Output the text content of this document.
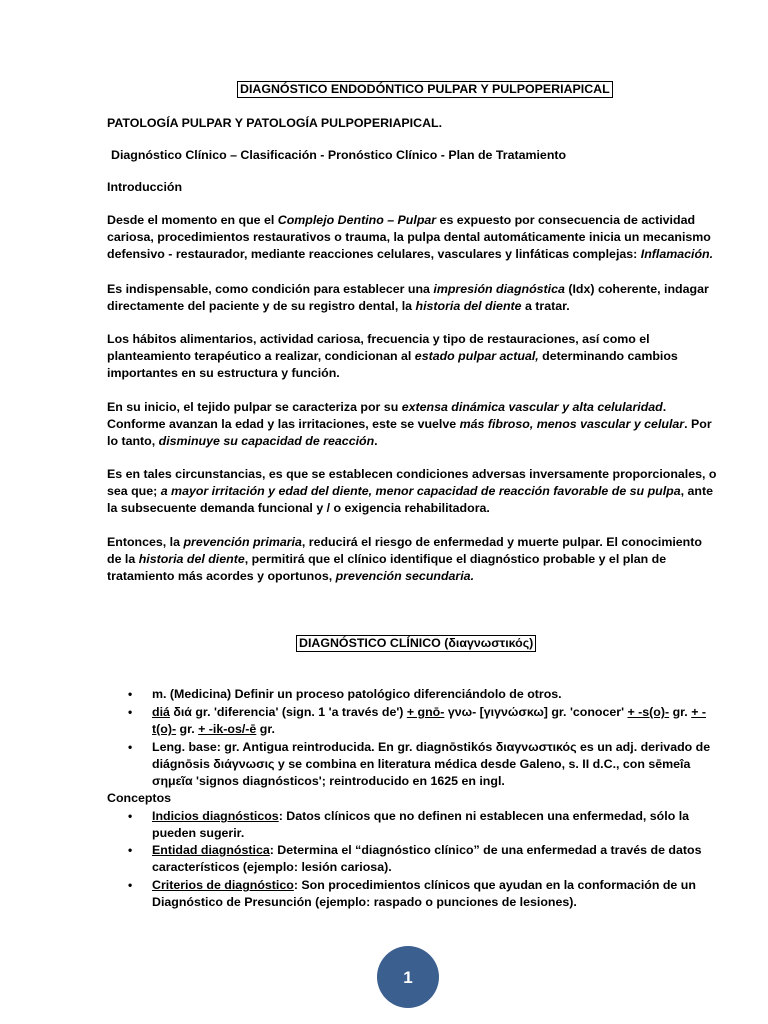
DIAGNÓSTICO ENDODÓNTICO PULPAR Y PULPOPERIAPICAL
PATOLOGÍA PULPAR Y PATOLOGÍA PULPOPERIAPICAL.
Diagnóstico Clínico – Clasificación - Pronóstico Clínico - Plan de Tratamiento
Introducción

Desde el momento en que el Complejo Dentino – Pulpar es expuesto por consecuencia de actividad cariosa, procedimientos restaurativos o trauma, la pulpa dental automáticamente inicia un mecanismo defensivo - restaurador, mediante reacciones celulares, vasculares y linfáticas complejas: Inflamación.

Es indispensable, como condición para establecer una impresión diagnóstica (Idx) coherente, indagar directamente del paciente y de su registro dental, la historia del diente a tratar.

Los hábitos alimentarios, actividad cariosa, frecuencia y tipo de restauraciones, así como el planteamiento terapéutico a realizar, condicionan al estado pulpar actual, determinando cambios importantes en su estructura y función.

En su inicio, el tejido pulpar se caracteriza por su extensa dinámica vascular y alta celularidad. Conforme avanzan la edad y las irritaciones, este se vuelve más fibroso, menos vascular y celular. Por lo tanto, disminuye su capacidad de reacción.

Es en tales circunstancias, es que se establecen condiciones adversas inversamente proporcionales, o sea que; a mayor irritación y edad del diente, menor capacidad de reacción favorable de su pulpa, ante la subsecuente demanda funcional y / o exigencia rehabilitadora.

Entonces, la prevención primaria, reducirá el riesgo de enfermedad y muerte pulpar. El conocimiento de la historia del diente, permitirá que el clínico identifique el diagnóstico probable y el plan de tratamiento más acordes y oportunos, prevención secundaria.

DIAGNÓSTICO CLÍNICO (διαγνωστικός)
• m. (Medicina) Definir un proceso patológico diferenciándolo de otros.
• diá διά gr. 'diferencia' (sign. 1 'a través de') + gnō- γνω- [γιγνώσκω] gr. 'conocer' + -s(o)- gr. + -t(o)- gr. + -ik-os/-ē gr.
• Leng. base: gr. Antigua reintroducida. En gr. diagnōstikós διαγνωστικός es un adj. derivado de diágnōsis διάγνωσις y se combina en literatura médica desde Galeno, s. II d.C., con sēmeîa σημεῖα 'signos diagnósticos'; reintroducido en 1625 en ingl.
Conceptos
• Indicios diagnósticos: Datos clínicos que no definen ni establecen una enfermedad, sólo la pueden sugerir.
• Entidad diagnóstica: Determina el “diagnóstico clínico” de una enfermedad a través de datos característicos (ejemplo: lesión cariosa).
• Criterios de diagnóstico: Son procedimientos clínicos que ayudan en la conformación de un Diagnóstico de Presunción (ejemplo: raspado o punciones de lesiones).
1
